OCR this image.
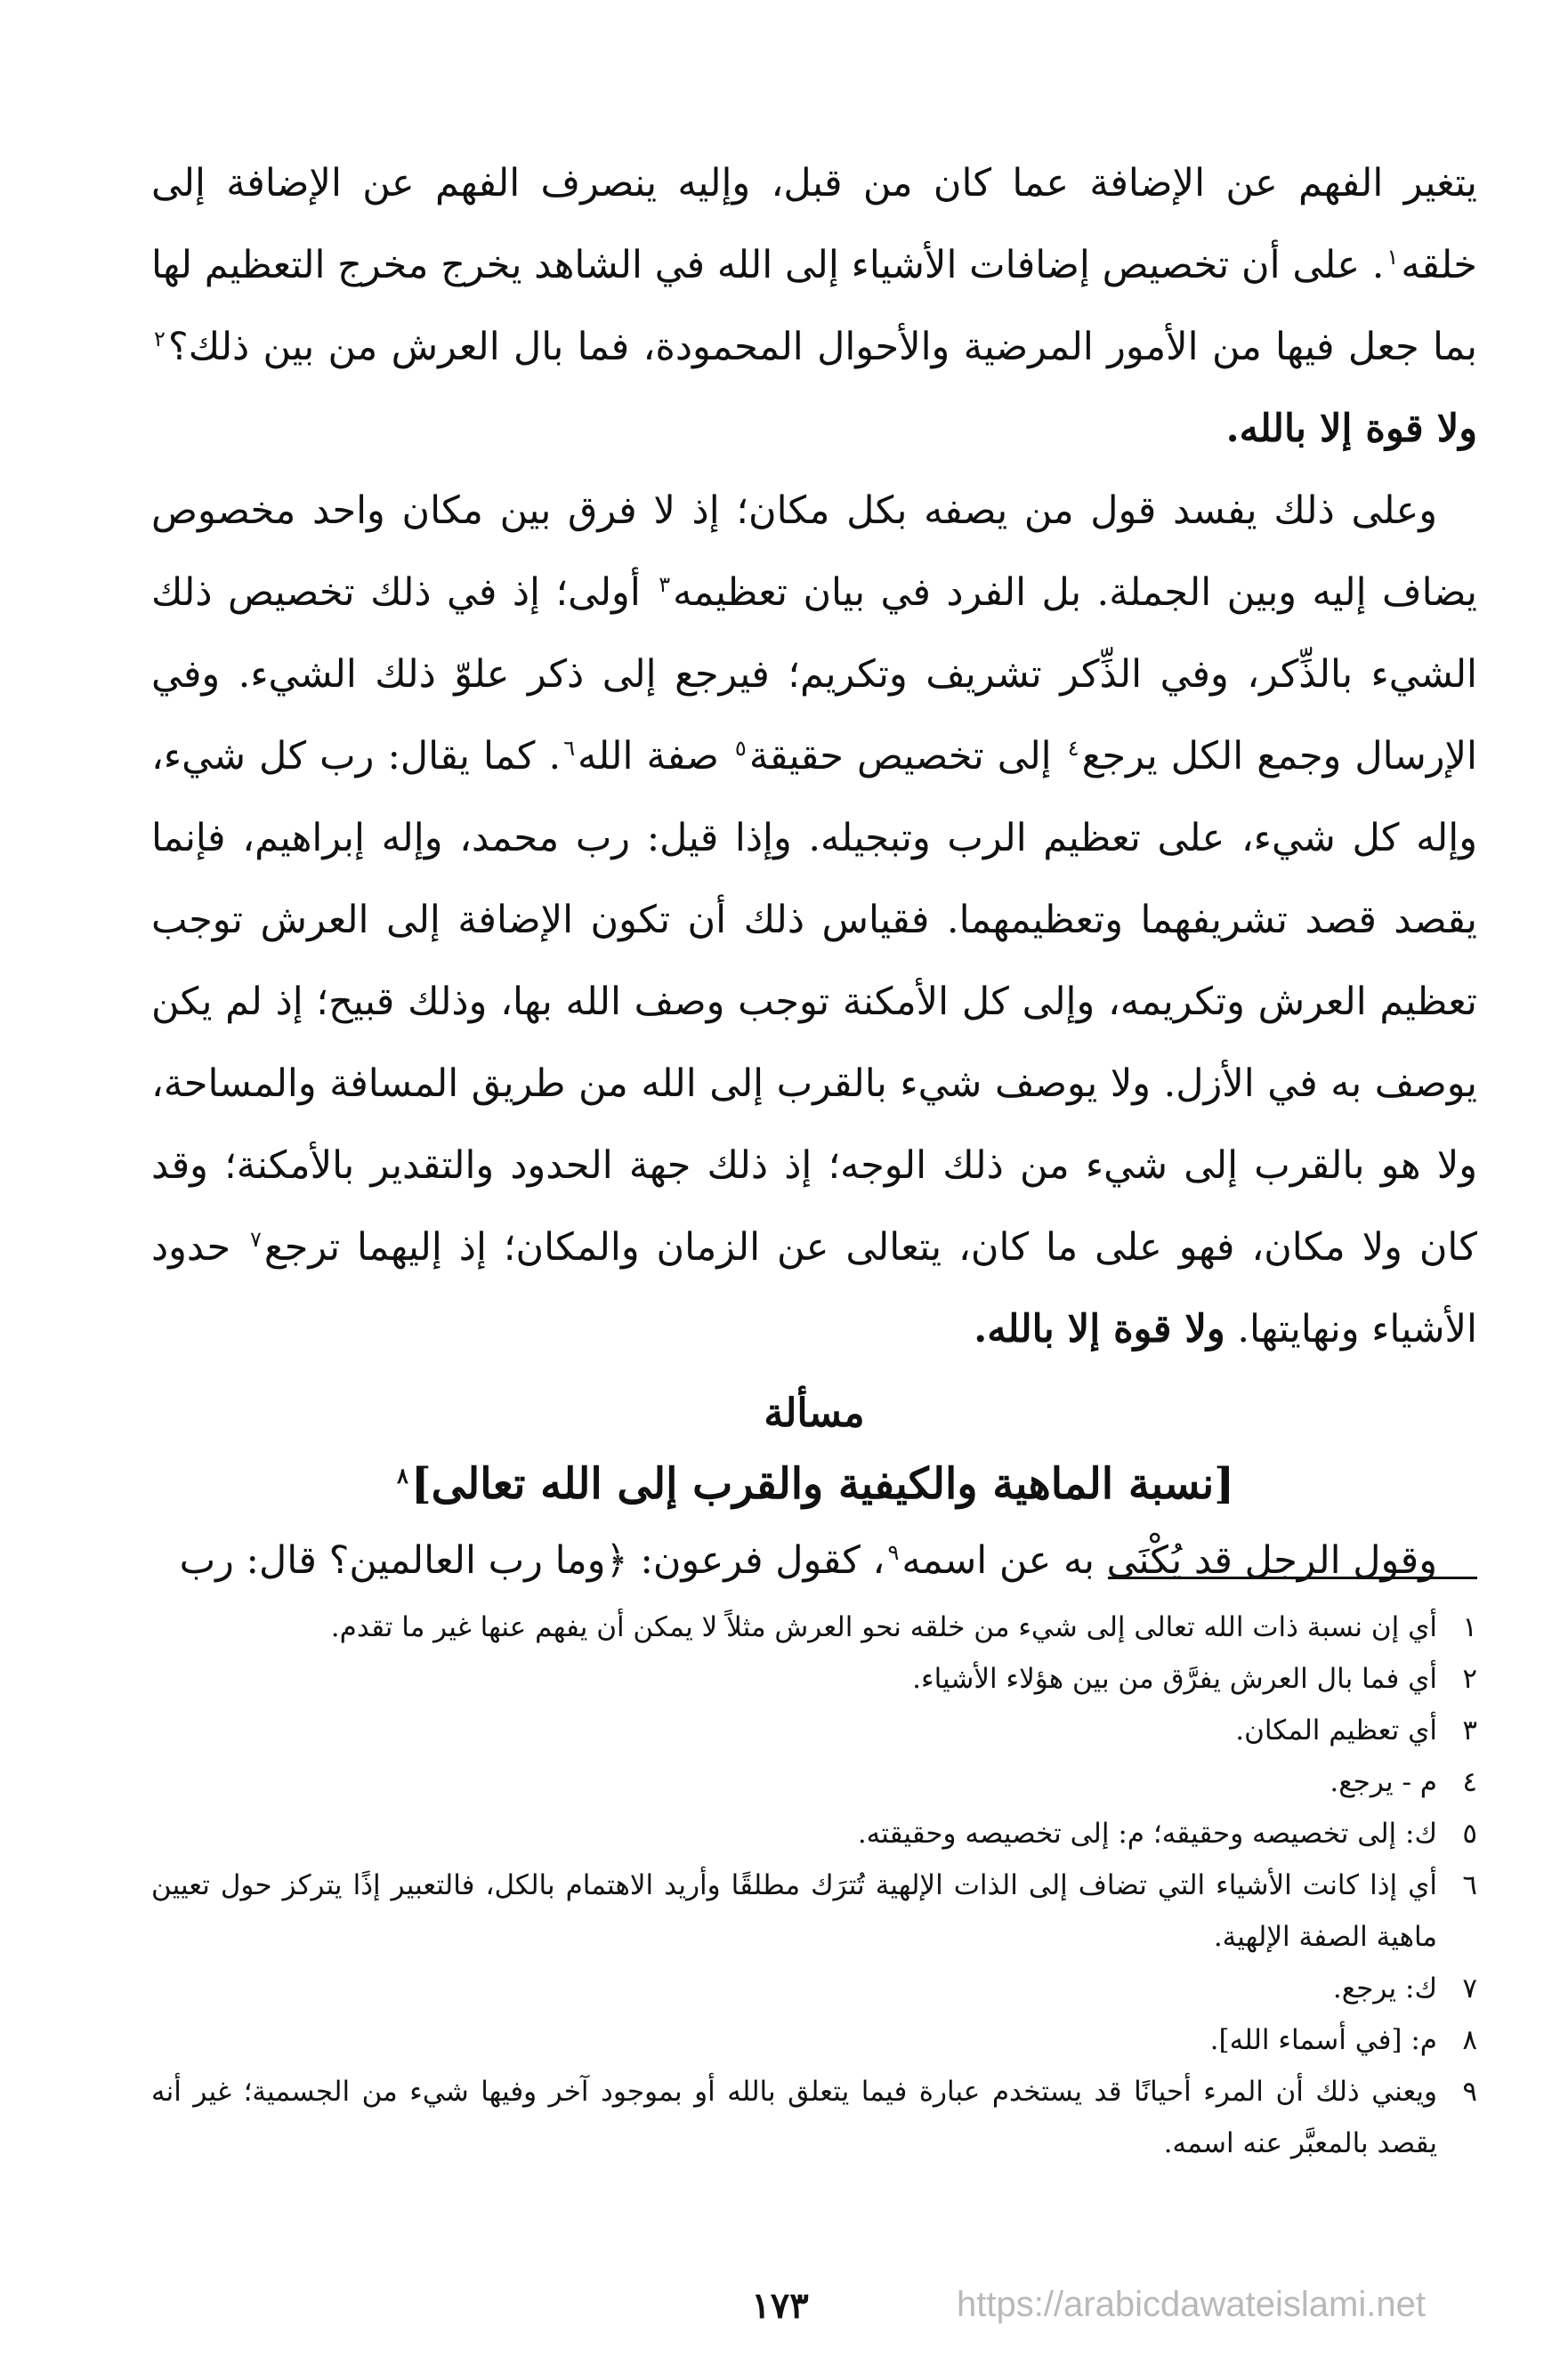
يتغير الفهم عن الإضافة عما كان من قبل، وإليه ينصرف الفهم عن الإضافة إلى خلقه$^١$. على أن تخصيص إضافات الأشياء إلى الله في الشاهد يخرج مخرج التعظيم لها بما جعل فيها من الأمور المرضية والأحوال المحمودة، فما بال العرش من بين ذلك؟$^٢$ ولا قوة إلا بالله.

وعلى ذلك يفسد قول من يصفه بكل مكان؛ إذ لا فرق بين مكان واحد مخصوص يضاف إليه وبين الجملة. بل الفرد في بيان تعظيمه$^٣$ أولى؛ إذ في ذلك تخصيص ذلك الشيء بالذِّكر، وفي الذِّكر تشريف وتكريم؛ فيرجع إلى ذكر علوّ ذلك الشيء. وفي الإرسال وجمع الكل يرجع$^٤$ إلى تخصيص حقيقة$^٥$ صفة الله$^٦$. كما يقال: رب كل شيء، وإله كل شيء، على تعظيم الرب وتبجيله. وإذا قيل: رب محمد، وإله إبراهيم، فإنما يقصد قصد تشريفهما وتعظيمهما. فقياس ذلك أن تكون الإضافة إلى العرش توجب تعظيم العرش وتكريمه، وإلى كل الأمكنة توجب وصف الله بها، وذلك قبيح؛ إذ لم يكن يوصف به في الأزل. ولا يوصف شيء بالقرب إلى الله من طريق المسافة والمساحة، ولا هو بالقرب إلى شيء من ذلك الوجه؛ إذ ذلك جهة الحدود والتقدير بالأمكنة؛ وقد كان ولا مكان، فهو على ما كان، يتعالى عن الزمان والمكان؛ إذ إليهما ترجع$^٧$ حدود الأشياء ونهايتها. ولا قوة إلا بالله.

مسألة
[نسبة الماهية والكيفية والقرب إلى الله تعالى]$^٨$

وقول الرجل قد يُكْنَى به عن اسمه$^٩$، كقول فرعون: ﴿وما رب العالمين؟ قال: رب

١
أي إن نسبة ذات الله تعالى إلى شيء من خلقه نحو العرش مثلاً لا يمكن أن يفهم عنها غير ما تقدم.
٢
أي فما بال العرش يفرَّق من بين هؤلاء الأشياء.
٣
أي تعظيم المكان.
٤
م - يرجع.
٥
ك: إلى تخصيصه وحقيقه؛ م: إلى تخصيصه وحقيقته.
٦
أي إذا كانت الأشياء التي تضاف إلى الذات الإلهية تُترَك مطلقًا وأريد الاهتمام بالكل، فالتعبير إذًا يتركز حول تعيين ماهية الصفة الإلهية.
٧
ك: يرجع.
٨
م: [في أسماء الله].
٩
ويعني ذلك أن المرء أحيانًا قد يستخدم عبارة فيما يتعلق بالله أو بموجود آخر وفيها شيء من الجسمية؛ غير أنه يقصد بالمعبَّر عنه اسمه.
١٧٣	https://arabicdawateislami.net
